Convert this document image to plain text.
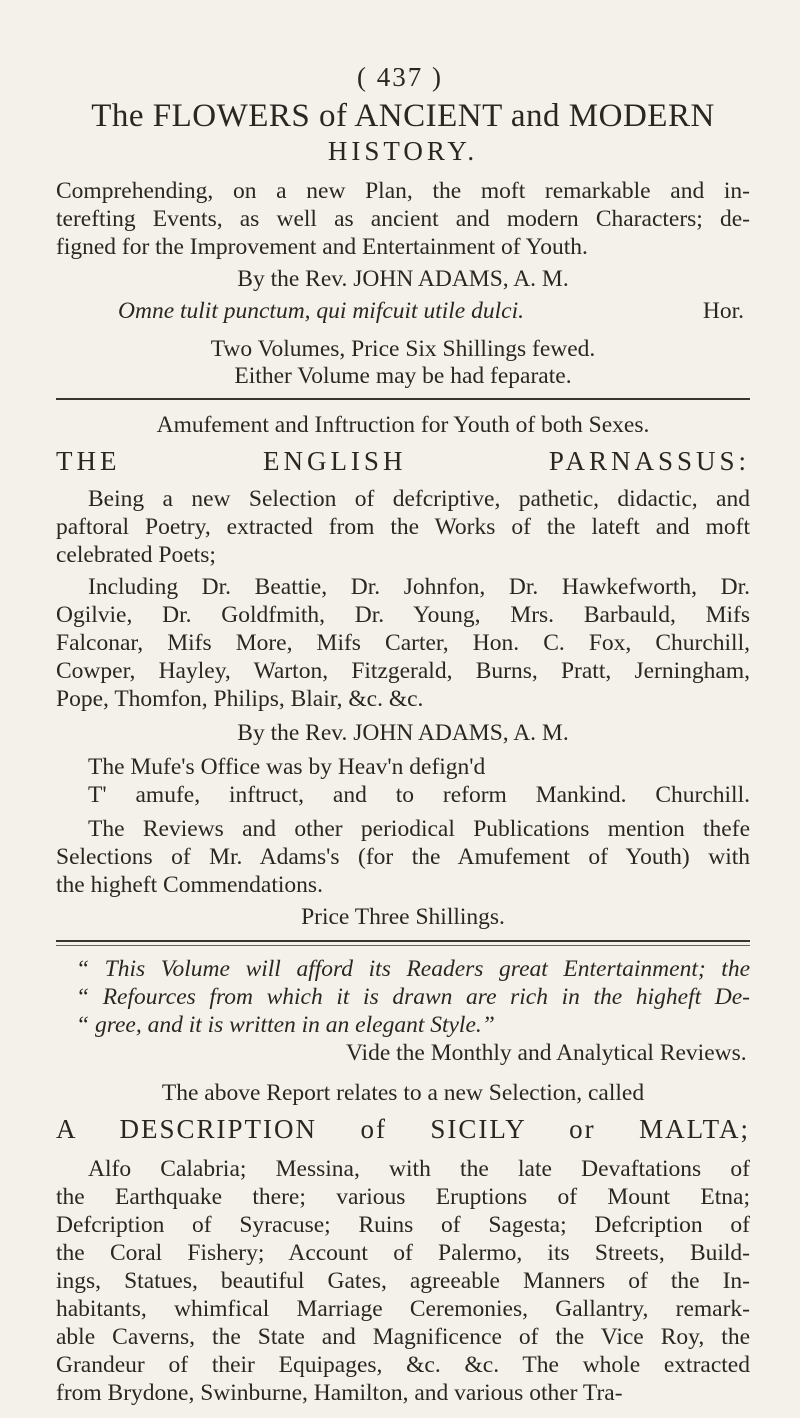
( 437 )
The FLOWERS of ANCIENT and MODERN
HISTORY.
Comprehending, on a new Plan, the moft remarkable and in-
terefting Events, as well as ancient and modern Characters; de-
figned for the Improvement and Entertainment of Youth.
By the Rev. JOHN ADAMS, A. M.
Omne tulit punctum, qui mifcuit utile dulci.	Hor.
Two Volumes, Price Six Shillings fewed.
Either Volume may be had feparate.
Amufement and Inftruction for Youth of both Sexes.
THE ENGLISH PARNASSUS:
Being a new Selection of defcriptive, pathetic, didactic, and
paftoral Poetry, extracted from the Works of the lateft and moft
celebrated Poets;
Including Dr. Beattie, Dr. Johnfon, Dr. Hawkefworth, Dr.
Ogilvie, Dr. Goldfmith, Dr. Young, Mrs. Barbauld, Mifs
Falconar, Mifs More, Mifs Carter, Hon. C. Fox, Churchill,
Cowper, Hayley, Warton, Fitzgerald, Burns, Pratt, Jerningham,
Pope, Thomfon, Philips, Blair, &c. &c.
By the Rev. JOHN ADAMS, A. M.
The Mufe's Office was by Heav'n defign'd
T' amufe, inftruct, and to reform Mankind. Churchill.
The Reviews and other periodical Publications mention thefe
Selections of Mr. Adams's (for the Amufement of Youth) with
the higheft Commendations.
Price Three Shillings.
“ This Volume will afford its Readers great Entertainment; the
“ Refources from which it is drawn are rich in the higheft De-
“ gree, and it is written in an elegant Style.”
Vide the Monthly and Analytical Reviews.
The above Report relates to a new Selection, called
A DESCRIPTION of SICILY or MALTA;
Alfo Calabria; Messina, with the late Devaftations of
the Earthquake there; various Eruptions of Mount Etna;
Defcription of Syracuse; Ruins of Sagesta; Defcription of
the Coral Fishery; Account of Palermo, its Streets, Build-
ings, Statues, beautiful Gates, agreeable Manners of the In-
habitants, whimfical Marriage Ceremonies, Gallantry, remark-
able Caverns, the State and Magnificence of the Vice Roy, the
Grandeur of their Equipages, &c. &c. The whole extracted
from Brydone, Swinburne, Hamilton, and various other Tra-
